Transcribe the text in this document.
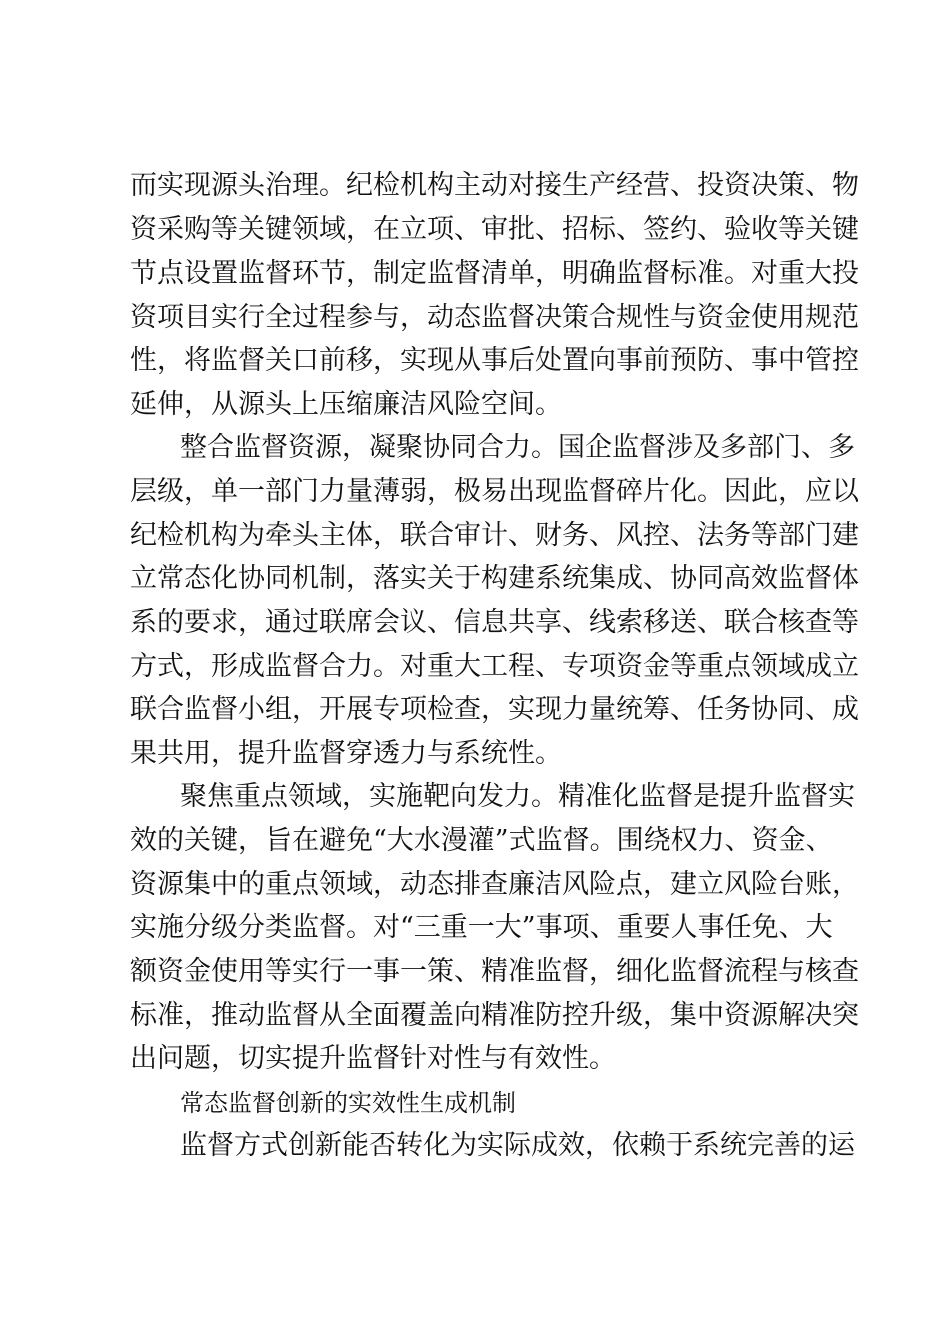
而实现源头治理。纪检机构主动对接生产经营、投资决策、物
资采购等关键领域，在立项、审批、招标、签约、验收等关键
节点设置监督环节，制定监督清单，明确监督标准。对重大投
资项目实行全过程参与，动态监督决策合规性与资金使用规范
性，将监督关口前移，实现从事后处置向事前预防、事中管控
延伸，从源头上压缩廉洁风险空间。
整合监督资源，凝聚协同合力。国企监督涉及多部门、多
层级，单一部门力量薄弱，极易出现监督碎片化。因此，应以
纪检机构为牵头主体，联合审计、财务、风控、法务等部门建
立常态化协同机制，落实关于构建系统集成、协同高效监督体
系的要求，通过联席会议、信息共享、线索移送、联合核查等
方式，形成监督合力。对重大工程、专项资金等重点领域成立
联合监督小组，开展专项检查，实现力量统筹、任务协同、成
果共用，提升监督穿透力与系统性。
聚焦重点领域，实施靶向发力。精准化监督是提升监督实
效的关键，旨在避免“大水漫灌”式监督。围绕权力、资金、
资源集中的重点领域，动态排查廉洁风险点，建立风险台账，
实施分级分类监督。对“三重一大”事项、重要人事任免、大
额资金使用等实行一事一策、精准监督，细化监督流程与核查
标准，推动监督从全面覆盖向精准防控升级，集中资源解决突
出问题，切实提升监督针对性与有效性。
常态监督创新的实效性生成机制
监督方式创新能否转化为实际成效，依赖于系统完善的运
